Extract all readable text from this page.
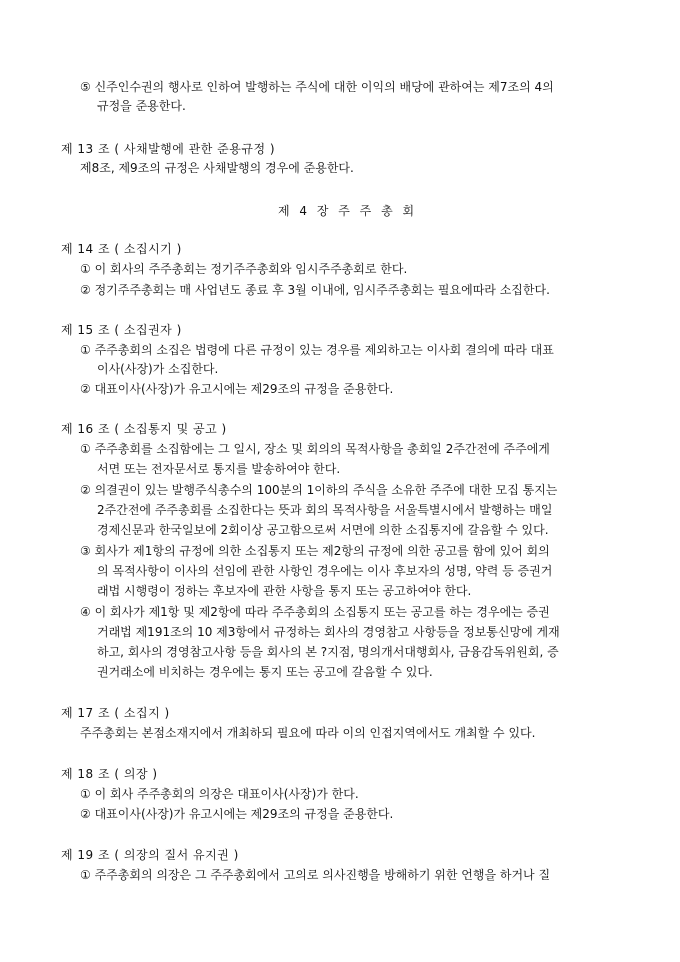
⑤ 신주인수권의 행사로 인하여 발행하는 주식에 대한 이익의 배당에 관하여는 제7조의 4의
규정을 준용한다.
제 13 조 ( 사채발행에 관한 준용규정 )
제8조, 제9조의 규정은 사채발행의 경우에 준용한다.
제 4 장 주 주 총 회
제 14 조 ( 소집시기 )
① 이 회사의 주주총회는 정기주주총회와 임시주주총회로 한다.
② 정기주주총회는 매 사업년도 종료 후 3월 이내에, 임시주주총회는 필요에따라 소집한다.
제 15 조 ( 소집권자 )
① 주주총회의 소집은 법령에 다른 규정이 있는 경우를 제외하고는 이사회 결의에 따라 대표
이사(사장)가 소집한다.
② 대표이사(사장)가 유고시에는 제29조의 규정을 준용한다.
제 16 조 ( 소집통지 및 공고 )
① 주주총회를 소집함에는 그 일시, 장소 및 회의의 목적사항을 총회일 2주간전에 주주에게
서면 또는 전자문서로 통지를 발송하여야 한다.
② 의결권이 있는 발행주식총수의 100분의 1이하의 주식을 소유한 주주에 대한 모집 통지는
2주간전에 주주총회를 소집한다는 뜻과 회의 목적사항을 서울특별시에서 발행하는 매일
경제신문과 한국일보에 2회이상 공고함으로써 서면에 의한 소집통지에 갈음할 수 있다.
③ 회사가 제1항의 규정에 의한 소집통지 또는 제2항의 규정에 의한 공고를 함에 있어 회의
의 목적사항이 이사의 선임에 관한 사항인 경우에는 이사 후보자의 성명, 약력 등 증권거
래법 시행령이 정하는 후보자에 관한 사항을 통지 또는 공고하여야 한다.
④ 이 회사가 제1항 및 제2항에 따라 주주총회의 소집통지 또는 공고를 하는 경우에는 증권
거래법 제191조의 10 제3항에서 규정하는 회사의 경영참고 사항등을 정보통신망에 게재
하고, 회사의 경영참고사항 등을 회사의 본 ?지점, 명의개서대행회사, 금융감독위원회, 증
권거래소에 비치하는 경우에는 통지 또는 공고에 갈음할 수 있다.
제 17 조 ( 소집지 )
주주총회는 본점소재지에서 개최하되 필요에 따라 이의 인접지역에서도 개최할 수 있다.
제 18 조 ( 의장 )
① 이 회사 주주총회의 의장은 대표이사(사장)가 한다.
② 대표이사(사장)가 유고시에는 제29조의 규정을 준용한다.
제 19 조 ( 의장의 질서 유지권 )
① 주주총회의 의장은 그 주주총회에서 고의로 의사진행을 방해하기 위한 언행을 하거나 질
